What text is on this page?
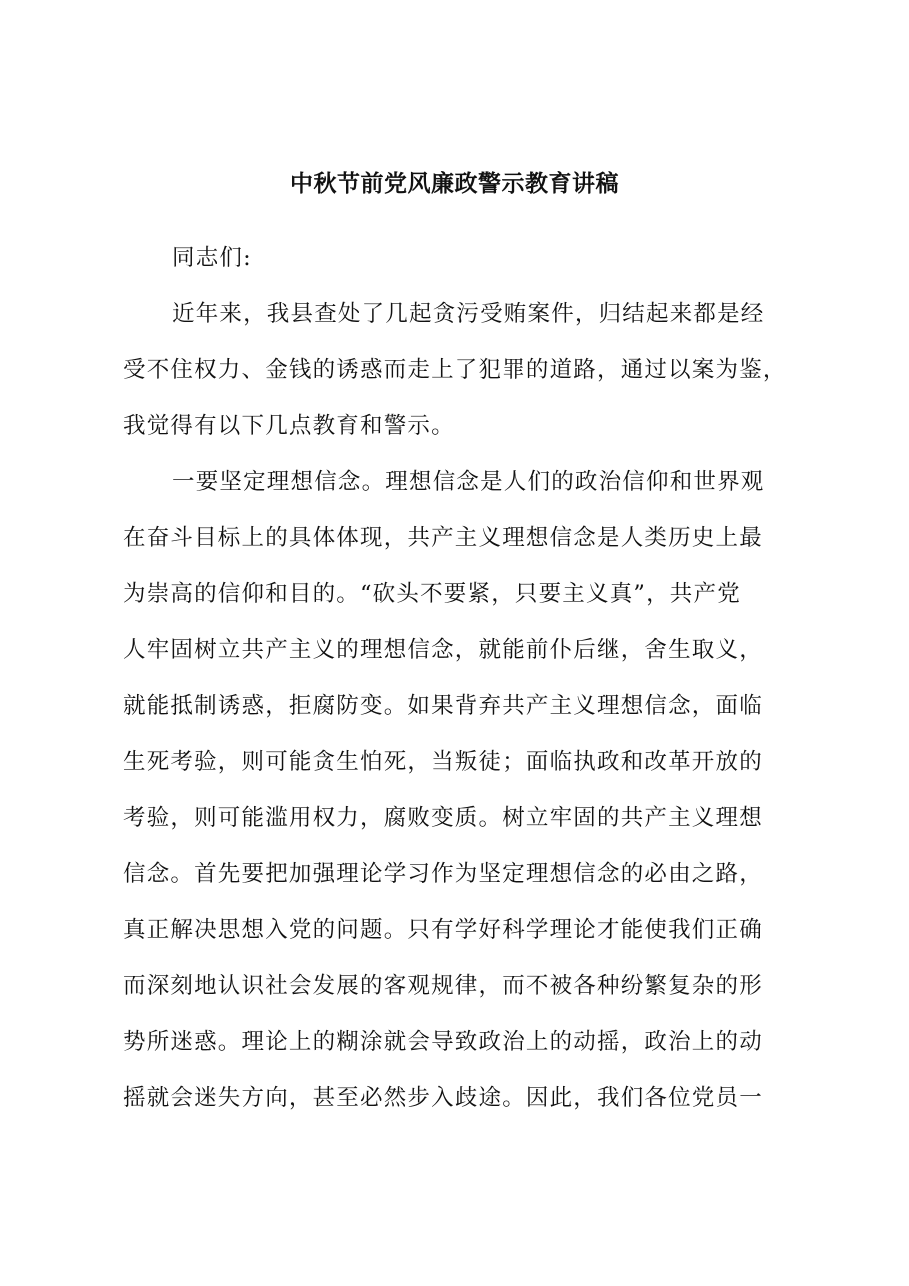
中秋节前党风廉政警示教育讲稿
同志们:
近年来，我县查处了几起贪污受贿案件，归结起来都是经
受不住权力、金钱的诱惑而走上了犯罪的道路，通过以案为鉴，
我觉得有以下几点教育和警示。
一要坚定理想信念。理想信念是人们的政治信仰和世界观
在奋斗目标上的具体体现，共产主义理想信念是人类历史上最
为崇高的信仰和目的。“砍头不要紧，只要主义真”，共产党
人牢固树立共产主义的理想信念，就能前仆后继，舍生取义，
就能抵制诱惑，拒腐防变。如果背弃共产主义理想信念，面临
生死考验，则可能贪生怕死，当叛徒；面临执政和改革开放的
考验，则可能滥用权力，腐败变质。树立牢固的共产主义理想
信念。首先要把加强理论学习作为坚定理想信念的必由之路，
真正解决思想入党的问题。只有学好科学理论才能使我们正确
而深刻地认识社会发展的客观规律，而不被各种纷繁复杂的形
势所迷惑。理论上的糊涂就会导致政治上的动摇，政治上的动
摇就会迷失方向，甚至必然步入歧途。因此，我们各位党员一
